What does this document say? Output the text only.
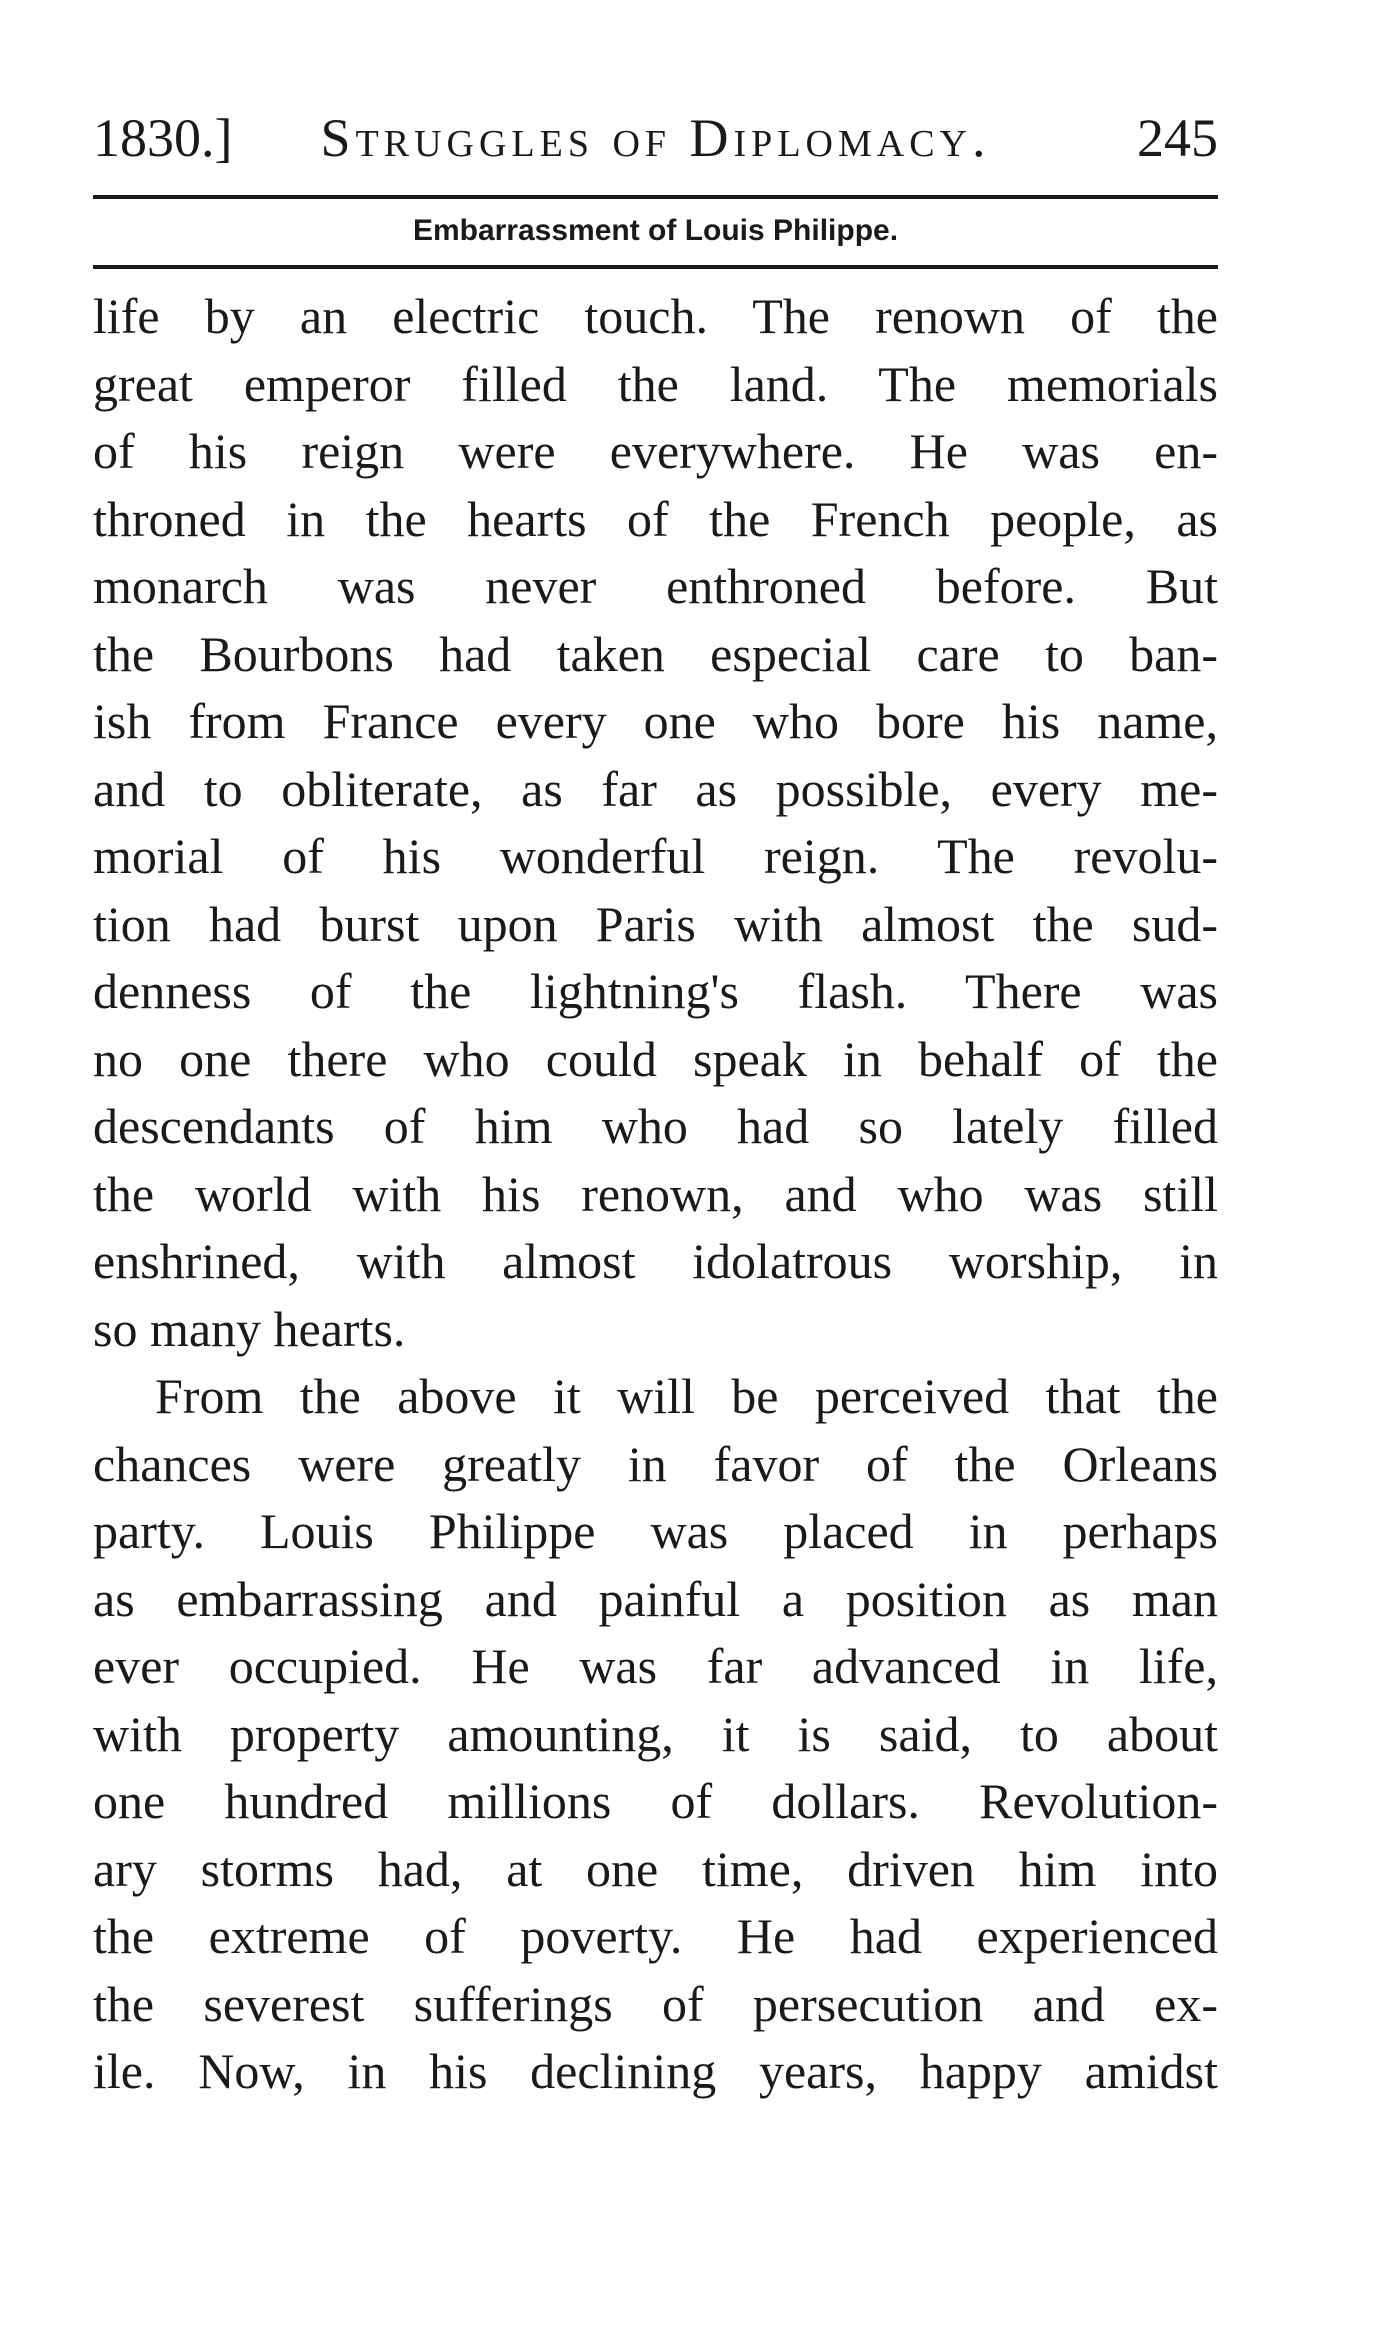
1830.]	Struggles of Diplomacy.	245
Embarrassment of Louis Philippe.
life by an electric touch. The renown of the
great emperor filled the land. The memorials
of his reign were everywhere. He was en-
throned in the hearts of the French people, as
monarch was never enthroned before. But
the Bourbons had taken especial care to ban-
ish from France every one who bore his name,
and to obliterate, as far as possible, every me-
morial of his wonderful reign. The revolu-
tion had burst upon Paris with almost the sud-
denness of the lightning's flash. There was
no one there who could speak in behalf of the
descendants of him who had so lately filled
the world with his renown, and who was still
enshrined, with almost idolatrous worship, in
so many hearts.
From the above it will be perceived that the
chances were greatly in favor of the Orleans
party. Louis Philippe was placed in perhaps
as embarrassing and painful a position as man
ever occupied. He was far advanced in life,
with property amounting, it is said, to about
one hundred millions of dollars. Revolution-
ary storms had, at one time, driven him into
the extreme of poverty. He had experienced
the severest sufferings of persecution and ex-
ile. Now, in his declining years, happy amidst
